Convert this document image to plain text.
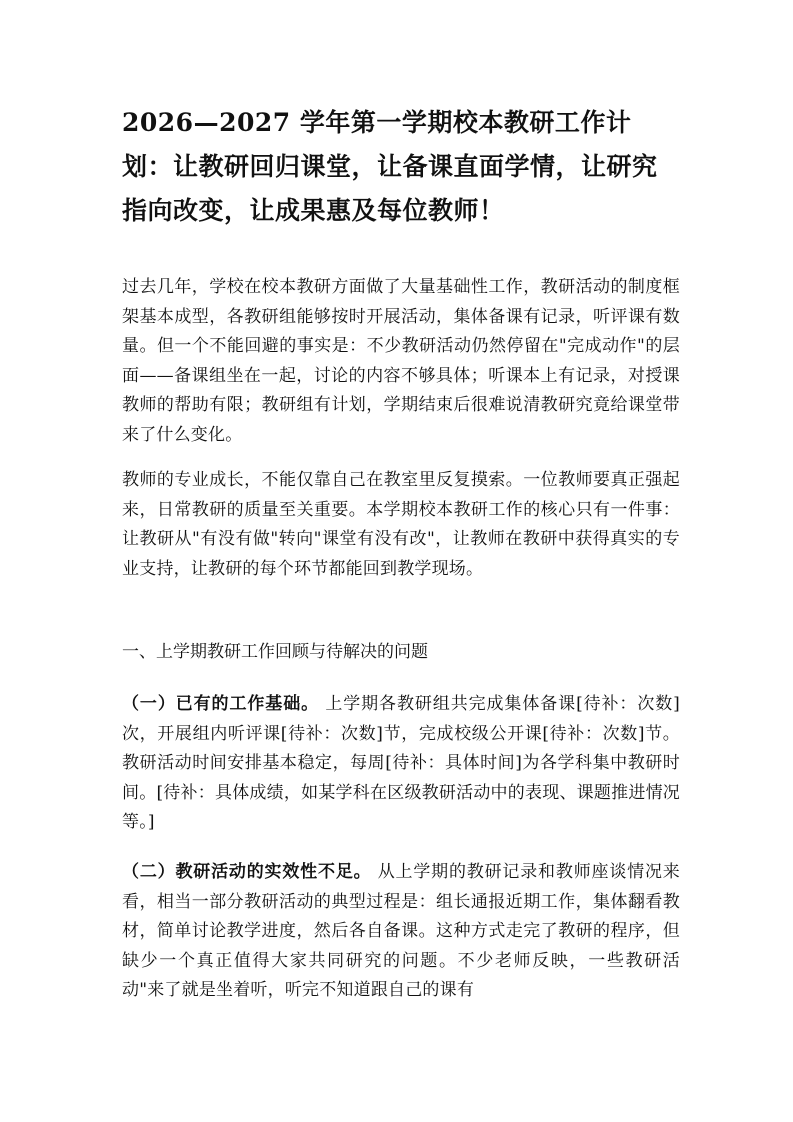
2026—2027 学年第一学期校本教研工作计划：让教研回归课堂，让备课直面学情，让研究指向改变，让成果惠及每位教师！

过去几年，学校在校本教研方面做了大量基础性工作，教研活动的制度框架基本成型，各教研组能够按时开展活动，集体备课有记录，听评课有数量。但一个不能回避的事实是：不少教研活动仍然停留在"完成动作"的层面——备课组坐在一起，讨论的内容不够具体；听课本上有记录，对授课教师的帮助有限；教研组有计划，学期结束后很难说清教研究竟给课堂带来了什么变化。

教师的专业成长，不能仅靠自己在教室里反复摸索。一位教师要真正强起来，日常教研的质量至关重要。本学期校本教研工作的核心只有一件事：让教研从"有没有做"转向"课堂有没有改"，让教师在教研中获得真实的专业支持，让教研的每个环节都能回到教学现场。

一、上学期教研工作回顾与待解决的问题

（一）已有的工作基础。 上学期各教研组共完成集体备课[待补：次数]次，开展组内听评课[待补：次数]节，完成校级公开课[待补：次数]节。教研活动时间安排基本稳定，每周[待补：具体时间]为各学科集中教研时间。[待补：具体成绩，如某学科在区级教研活动中的表现、课题推进情况等。]

（二）教研活动的实效性不足。 从上学期的教研记录和教师座谈情况来看，相当一部分教研活动的典型过程是：组长通报近期工作，集体翻看教材，简单讨论教学进度，然后各自备课。这种方式走完了教研的程序，但缺少一个真正值得大家共同研究的问题。不少老师反映，一些教研活动"来了就是坐着听，听完不知道跟自己的课有
